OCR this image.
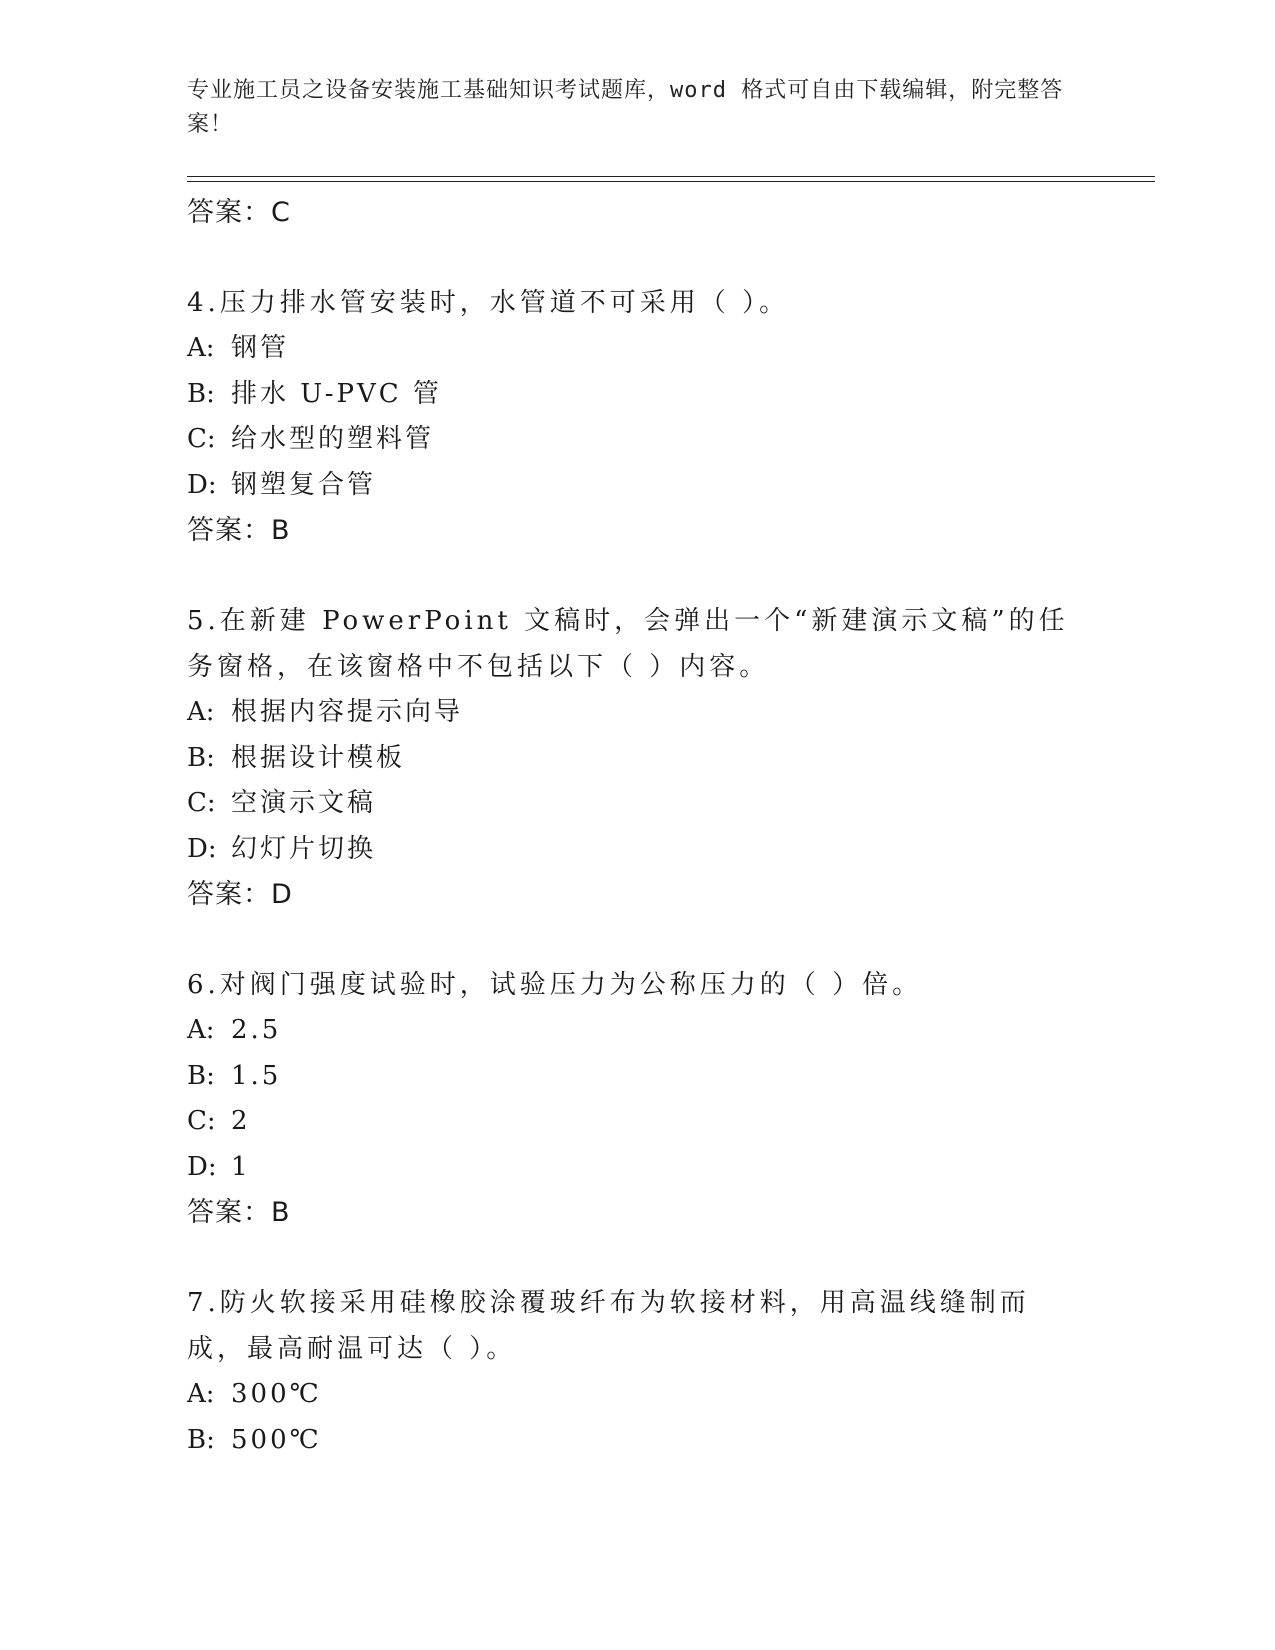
专业施工员之设备安装施工基础知识考试题库，word 格式可自由下载编辑，附完整答案！
答案：C
4.压力排水管安装时，水管道不可采用（ ）。
A: 钢管
B: 排水 U-PVC 管
C: 给水型的塑料管
D: 钢塑复合管
答案：B
5.在新建 PowerPoint 文稿时，会弹出一个“新建演示文稿”的任务窗格，在该窗格中不包括以下（ ）内容。
A: 根据内容提示向导
B: 根据设计模板
C: 空演示文稿
D: 幻灯片切换
答案：D
6.对阀门强度试验时，试验压力为公称压力的（ ）倍。
A: 2.5
B: 1.5
C: 2
D: 1
答案：B
7.防火软接采用硅橡胶涂覆玻纤布为软接材料，用高温线缝制而成，最高耐温可达（ ）。
A: 300℃
B: 500℃
